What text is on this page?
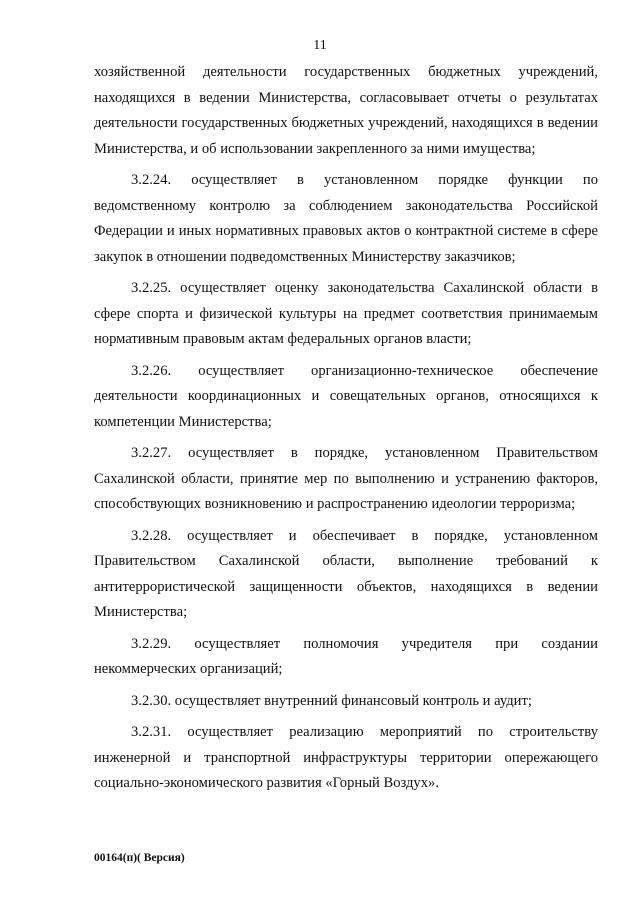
11

хозяйственной деятельности государственных бюджетных учреждений, находящихся в ведении Министерства, согласовывает отчеты о результатах деятельности государственных бюджетных учреждений, находящихся в ведении Министерства, и об использовании закрепленного за ними имущества;

3.2.24. осуществляет в установленном порядке функции по ведомственному контролю за соблюдением законодательства Российской Федерации и иных нормативных правовых актов о контрактной системе в сфере закупок в отношении подведомственных Министерству заказчиков;

3.2.25. осуществляет оценку законодательства Сахалинской области в сфере спорта и физической культуры на предмет соответствия принимаемым нормативным правовым актам федеральных органов власти;

3.2.26. осуществляет организационно-техническое обеспечение деятельности координационных и совещательных органов, относящихся к компетенции Министерства;

3.2.27. осуществляет в порядке, установленном Правительством Сахалинской области, принятие мер по выполнению и устранению факторов, способствующих возникновению и распространению идеологии терроризма;

3.2.28. осуществляет и обеспечивает в порядке, установленном Правительством Сахалинской области, выполнение требований к антитеррористической защищенности объектов, находящихся в ведении Министерства;

3.2.29. осуществляет полномочия учредителя при создании некоммерческих организаций;

3.2.30. осуществляет внутренний финансовый контроль и аудит;

3.2.31. осуществляет реализацию мероприятий по строительству инженерной и транспортной инфраструктуры территории опережающего социально-экономического развития «Горный Воздух».

00164(п)( Версия)
